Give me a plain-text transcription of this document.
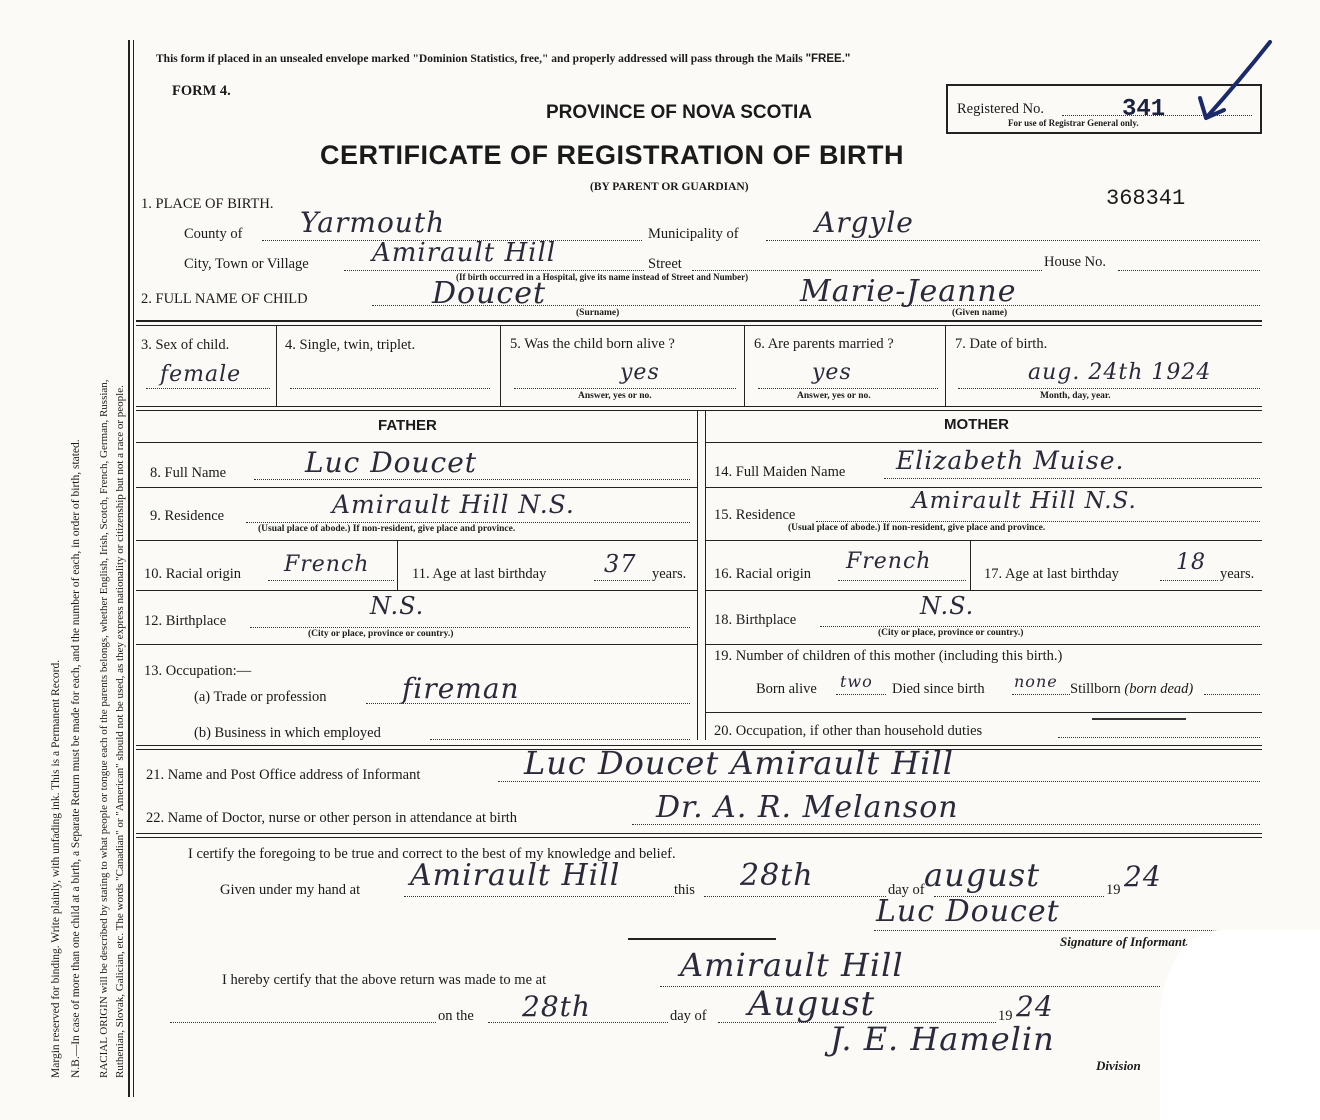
Margin reserved for binding. Write plainly, with unfading ink. This is a Permanent Record. N.B.—In case of more than one child at a birth, a Separate Return must be made for each, and the number of each, in order of birth, stated. RACIAL ORIGIN will be described by stating to what people or tongue each of the parents belongs, whether English, Irish, Scotch, French, German, Russian, Ruthenian, Slovak, Galician, etc. The words "Canadian" or "American" should not be used, as they express nationality or citizenship but not a race or people.
This form if placed in an unsealed envelope marked "Dominion Statistics, free," and properly addressed will pass through the Mails "FREE."
FORM 4.
PROVINCE OF NOVA SCOTIA
CERTIFICATE OF REGISTRATION OF BIRTH
(BY PARENT OR GUARDIAN)
Registered No.	341
For use of Registrar General only.
368341
1. PLACE OF BIRTH.
County of Yarmouth	Municipality of	Argyle
City, Town or Village Amirault Hill	Street	House No.
(If birth occurred in a Hospital, give its name instead of Street and Number)
2. FULL NAME OF CHILD	Doucet
(Surname)
Marie-Jeanne
(Given name)
3. Sex of child.
female
4. Single, twin, triplet.	5. Was the child born alive ?
yes
Answer, yes or no.
6. Are parents married ?
yes
Answer, yes or no.
7. Date of birth.
aug. 24th 1924
Month, day, year.
FATHER	MOTHER
8. Full Name	Luc Doucet
9. Residence	Amirault Hill N.S.
(Usual place of abode.) If non-resident, give place and province.
10. Racial origin French	11. Age at last birthday 37 years.
12. Birthplace
N.S.
(City or place, province or country.)
13. Occupation:—
(a) Trade or profession	fireman
(b) Business in which employed
14. Full Maiden Name Elizabeth Muise.
15. Residence
Amirault Hill N.S.
(Usual place of abode.) If non-resident, give place and province.
16. Racial origin French	17. Age at last birthday	18 years.
18. Birthplace	N.S.
(City or place, province or country.)
19. Number of children of this mother (including this birth.)
Born alive two Died since birth none Stillborn (born dead)
20. Occupation, if other than household duties
21. Name and Post Office address of Informant	Luc Doucet Amirault Hill
22. Name of Doctor, nurse or other person in attendance at birth	Dr. A. R. Melanson
I certify the foregoing to be true and correct to the best of my knowledge and belief.
Given under my hand at Amirault Hill	this 28th	day of august	19 24
Luc Doucet
Signature of Informant.
I hereby certify that the above return was made to me at	Amirault Hill
on the 28th	day of August	19 24
J. E. Hamelin
Division
